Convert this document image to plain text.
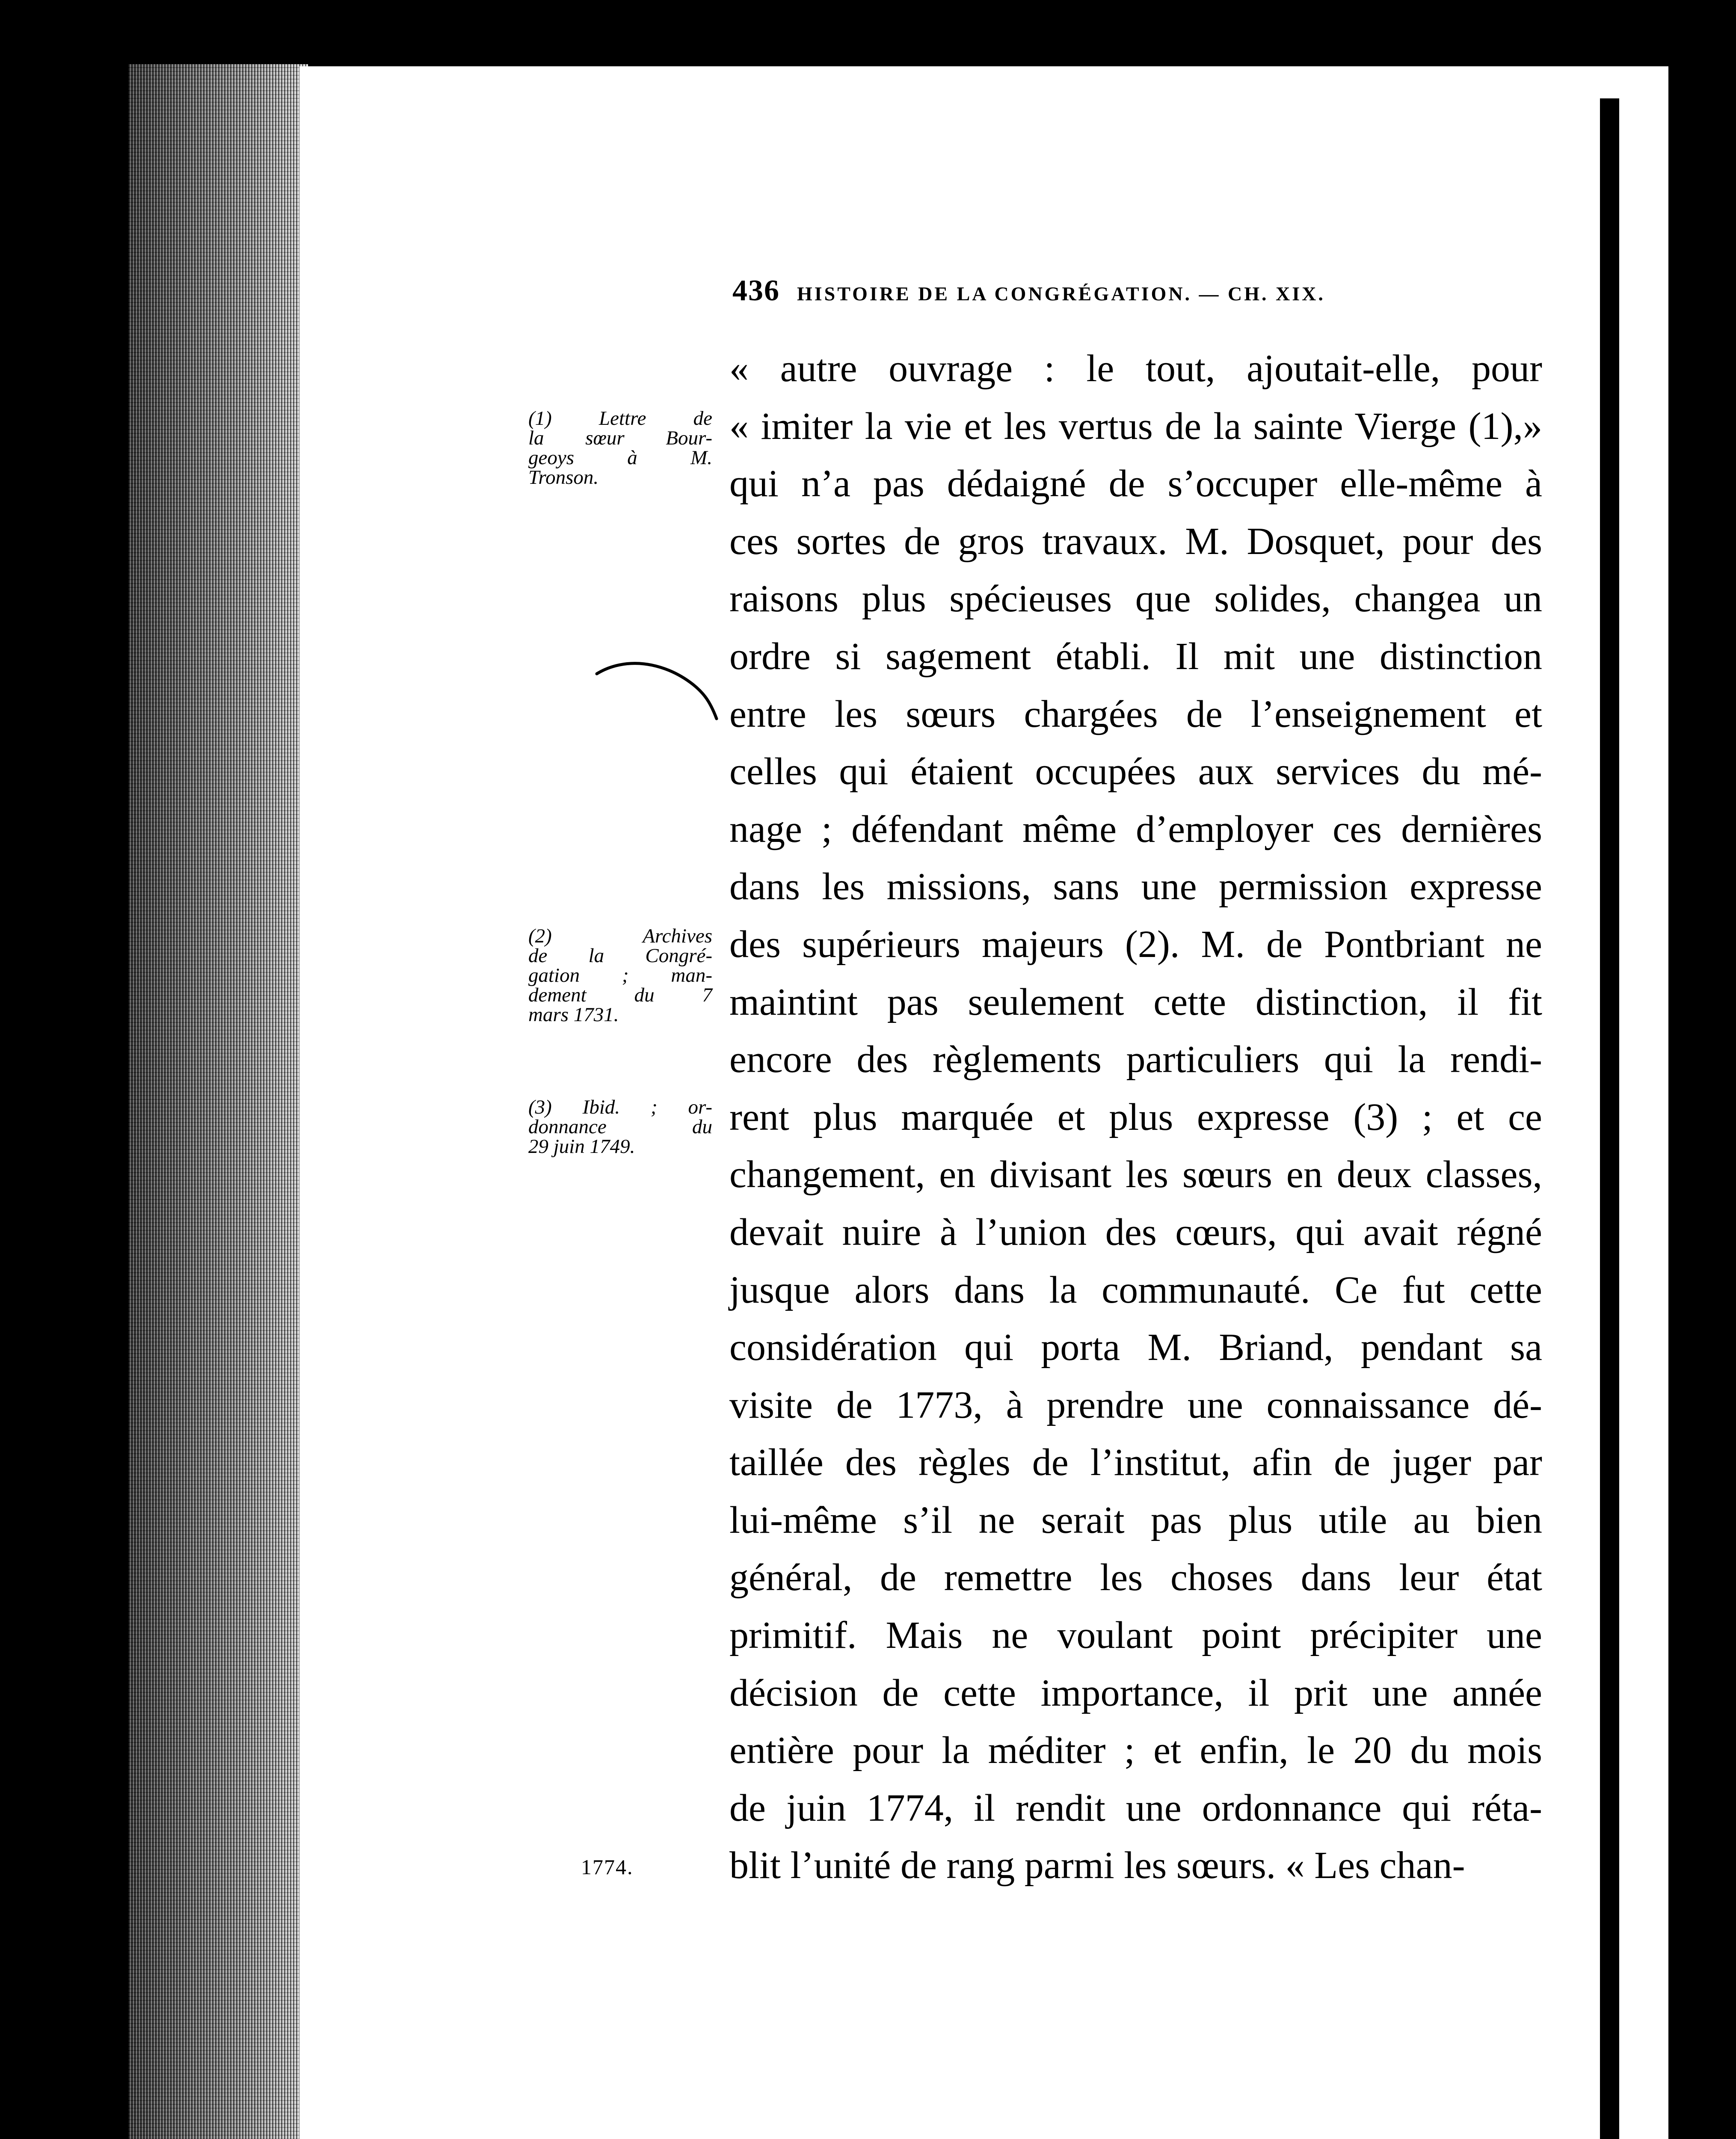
436 HISTOIRE DE LA CONGRÉGATION. — CH. XIX.
« autre ouvrage : le tout, ajoutait-elle, pour
« imiter la vie et les vertus de la sainte Vierge (1),»
qui n’a pas dédaigné de s’occuper elle-même à
ces sortes de gros travaux. M. Dosquet, pour des
raisons plus spécieuses que solides, changea un
ordre si sagement établi. Il mit une distinction
entre les sœurs chargées de l’enseignement et
celles qui étaient occupées aux services du mé-
nage ; défendant même d’employer ces dernières
dans les missions, sans une permission expresse
des supérieurs majeurs (2). M. de Pontbriant ne
maintint pas seulement cette distinction, il fit
encore des règlements particuliers qui la rendi-
rent plus marquée et plus expresse (3) ; et ce
changement, en divisant les sœurs en deux classes,
devait nuire à l’union des cœurs, qui avait régné
jusque alors dans la communauté. Ce fut cette
considération qui porta M. Briand, pendant sa
visite de 1773, à prendre une connaissance dé-
taillée des règles de l’institut, afin de juger par
lui-même s’il ne serait pas plus utile au bien
général, de remettre les choses dans leur état
primitif. Mais ne voulant point précipiter une
décision de cette importance, il prit une année
entière pour la méditer ; et enfin, le 20 du mois
de juin 1774, il rendit une ordonnance qui réta-
blit l’unité de rang parmi les sœurs. « Les chan-
(1) Lettre de
la sœur Bour-
geoys à M.
Tronson.
(2) Archives
de la Congré-
gation ; man-
dement du 7
mars 1731.
(3) Ibid. ; or-
donnance du
29 juin 1749.
1774.
